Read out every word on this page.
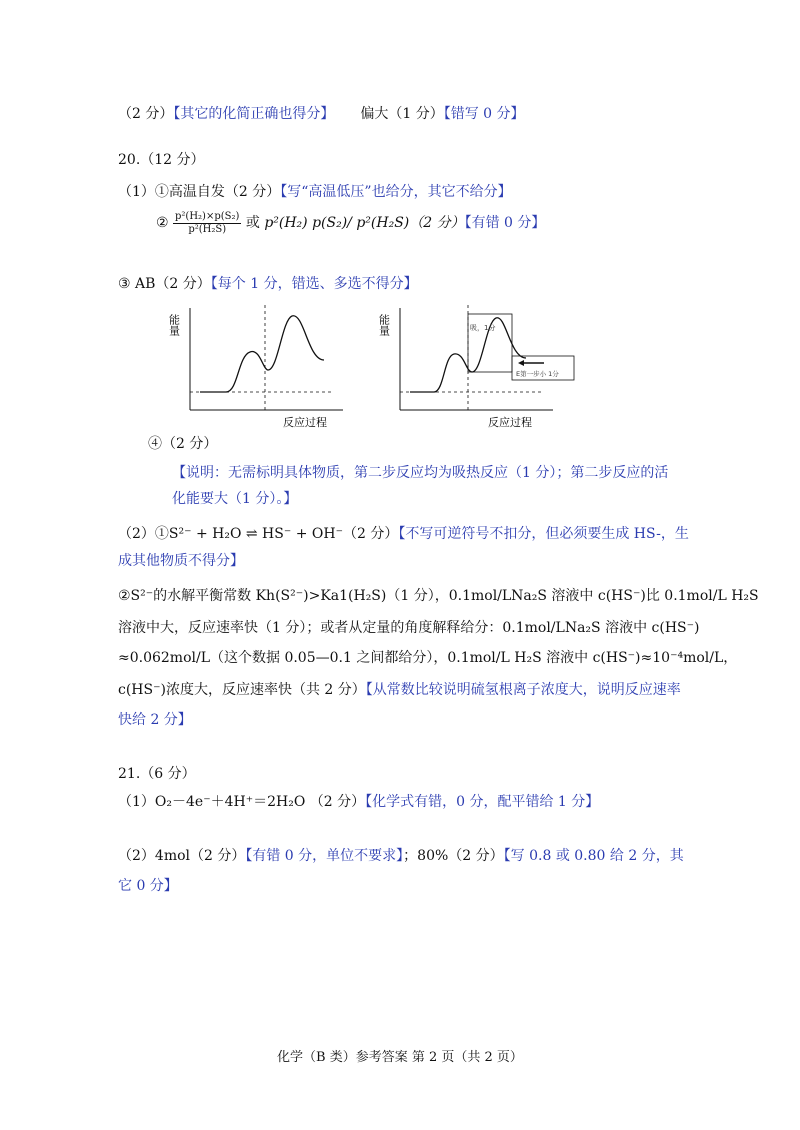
（2 分）【其它的化简正确也得分】 偏大（1 分）【错写 0 分】
20.（12 分）
（1）①高温自发（2 分）【写“高温低压”也给分，其它不给分】
② $\frac{\text{p²(H₂)×p(S₂)}}{\text{p²(H₂S)}}$ 或 p²(H₂) p(S₂)/ p²(H₂S)（2 分）【有错 0 分】
③ AB（2 分）【每个 1 分，错选、多选不得分】
能量
反应过程
能量	吸，1分
E第一步小 1分
反应过程
④（2 分）
【说明：无需标明具体物质，第二步反应均为吸热反应（1 分）；第二步反应的活
化能要大（1 分）。】
（2）①S²⁻ + H₂O ⇌ HS⁻ + OH⁻（2 分）【不写可逆符号不扣分，但必须要生成 HS-，生
成其他物质不得分】
②S²⁻的水解平衡常数 Kh(S²⁻)>Ka1(H₂S)（1 分），0.1mol/LNa₂S 溶液中 c(HS⁻)比 0.1mol/L H₂S
溶液中大，反应速率快（1 分）；或者从定量的角度解释给分：0.1mol/LNa₂S 溶液中 c(HS⁻)
≈0.062mol/L（这个数据 0.05—0.1 之间都给分），0.1mol/L H₂S 溶液中 c(HS⁻)≈10⁻⁴mol/L，
c(HS⁻)浓度大，反应速率快（共 2 分）【从常数比较说明硫氢根离子浓度大，说明反应速率
快给 2 分】
21.（6 分）
（1）O₂－4e⁻＋4H⁺＝2H₂O （2 分）【化学式有错，0 分，配平错给 1 分】
（2）4mol（2 分）【有错 0 分，单位不要求】；80%（2 分）【写 0.8 或 0.80 给 2 分，其
它 0 分】
化学（B 类）参考答案 第 2 页（共 2 页）
